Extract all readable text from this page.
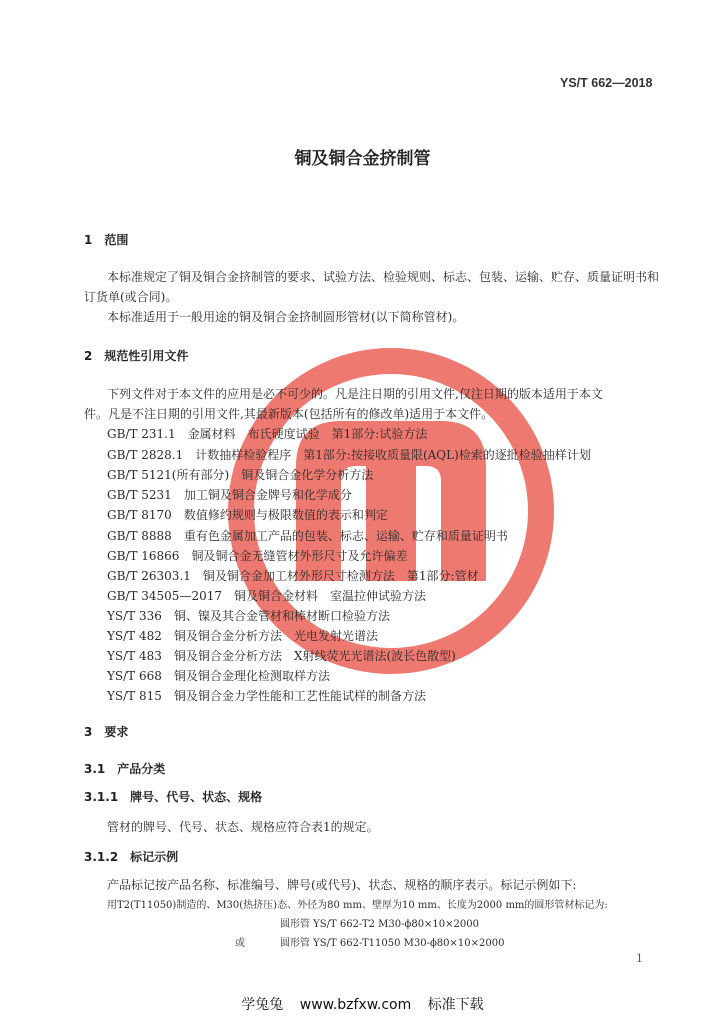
YS/T 662—2018
铜及铜合金挤制管
1 范围
本标准规定了铜及铜合金挤制管的要求、试验方法、检验规则、标志、包装、运输、贮存、质量证明书和
订货单(或合同)。
本标准适用于一般用途的铜及铜合金挤制圆形管材(以下简称管材)。
2 规范性引用文件
下列文件对于本文件的应用是必不可少的。凡是注日期的引用文件,仅注日期的版本适用于本文
件。凡是不注日期的引用文件,其最新版本(包括所有的修改单)适用于本文件。
GB/T 231.1　 金属材料　布氏硬度试验　第1部分:试验方法
GB/T 2828.1　 计数抽样检验程序　第1部分:按接收质量限(AQL)检索的逐批检验抽样计划
GB/T 5121(所有部分)　 铜及铜合金化学分析方法
GB/T 5231　 加工铜及铜合金牌号和化学成分
GB/T 8170　 数值修约规则与极限数值的表示和判定
GB/T 8888　 重有色金属加工产品的包装、标志、运输、贮存和质量证明书
GB/T 16866　 铜及铜合金无缝管材外形尺寸及允许偏差
GB/T 26303.1　 铜及铜合金加工材外形尺寸检测方法　第1部分:管材
GB/T 34505—2017　 铜及铜合金材料　室温拉伸试验方法
YS/T 336　 铜、镍及其合金管材和棒材断口检验方法
YS/T 482　 铜及铜合金分析方法　光电发射光谱法
YS/T 483　 铜及铜合金分析方法　X射线荧光光谱法(波长色散型)
YS/T 668　 铜及铜合金理化检测取样方法
YS/T 815　 铜及铜合金力学性能和工艺性能试样的制备方法
3 要求
3.1 产品分类
3.1.1 牌号、代号、状态、规格
管材的牌号、代号、状态、规格应符合表1的规定。
3.1.2 标记示例
产品标记按产品名称、标准编号、牌号(或代号)、状态、规格的顺序表示。标记示例如下:
用T2(T11050)制造的、M30(热挤压)态、外径为80 mm、壁厚为10 mm、长度为2000 mm的圆形管材标记为:
圆形管 YS/T 662-T2 M30-ϕ80×10×2000
或	圆形管 YS/T 662-T11050 M30-ϕ80×10×2000
1
学兔兔 www.bzfxw.com 标准下载
